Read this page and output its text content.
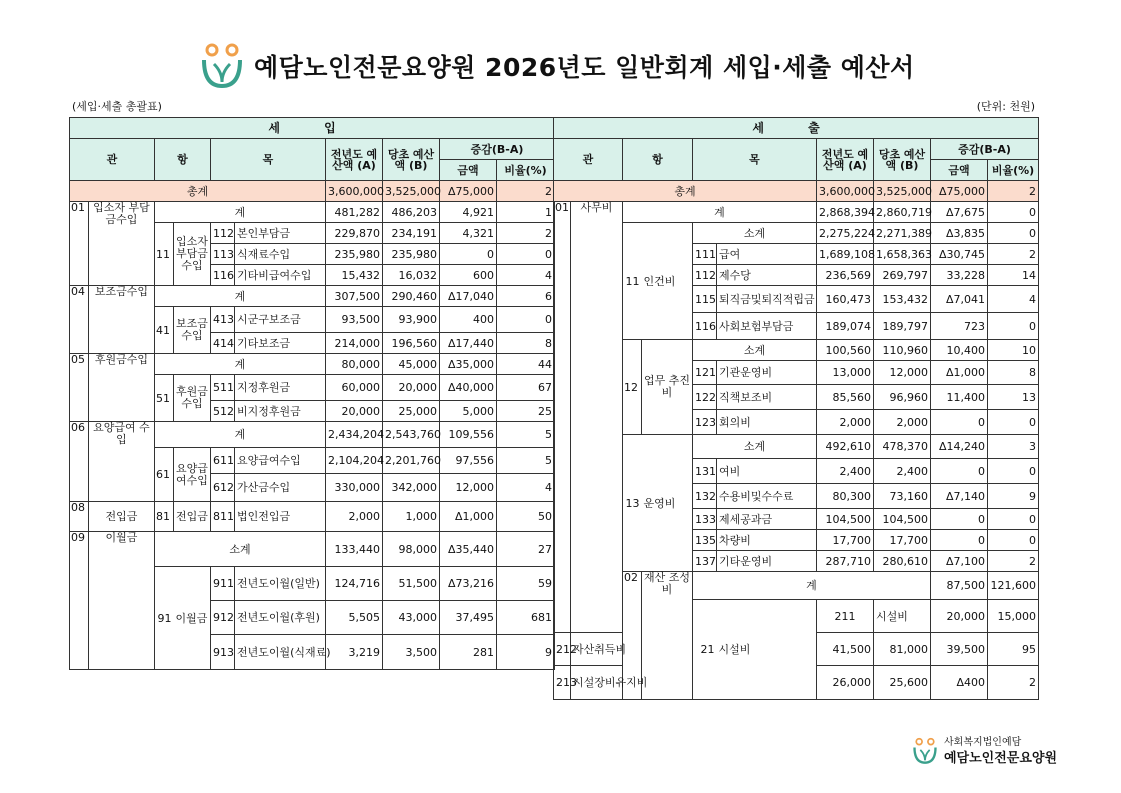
예담노인전문요양원 2026년도 일반회계 세입·세출 예산서
(세입·세출 총괄표)	(단위: 천원)
세 입									
관		항		목		전년도 예산액 (A)	당초 예산액 (B)	증감(B-A)	
								금액	비율(%)
총계						3,600,000	3,525,000	Δ75,000	2
01	입소자 부담금수입	계				481,282	486,203	4,921	1
		11	입소자 부담금 수입	112	본인부담금	229,870	234,191	4,321	2
				113	식재료수입	235,980	235,980	0	0
				116	기타비급여수입	15,432	16,032	600	4
04	보조금수입	계				307,500	290,460	Δ17,040	6
		41	보조금 수입	413	시군구보조금	93,500	93,900	400	0
				414	기타보조금	214,000	196,560	Δ17,440	8
05	후원금수입	계				80,000	45,000	Δ35,000	44
		51	후원금 수입	511	지정후원금	60,000	20,000	Δ40,000	67
				512	비지정후원금	20,000	25,000	5,000	25
06	요양급여 수입	계				2,434,204	2,543,760	109,556	5
		61	요양급 여수입	611	요양급여수입	2,104,204	2,201,760	97,556	5
				612	가산금수입	330,000	342,000	12,000	4
08	전입금	81	전입금	811	법인전입금	2,000	1,000	Δ1,000	50
09	이월금	소계				133,440	98,000	Δ35,440	27
		91	이월금	911	전년도이월(일반)	124,716	51,500	Δ73,216	59
				912	전년도이월(후원)	5,505	43,000	37,495	681
				913	전년도이월(식재료)	3,219	3,500	281	9
세 출										
관		항		목		전년도 예산액 (A)	당초 예산액 (B)	증감(B-A)		
								금액	비율(%)	
총계						3,600,000	3,525,000	Δ75,000	2	
01	사무비	계				2,868,394	2,860,719	Δ7,675	0	
		11	인건비	소계		2,275,224	2,271,389	Δ3,835	0	
				111	급여	1,689,108	1,658,363	Δ30,745	2	
				112	제수당	236,569	269,797	33,228	14	
				115	퇴직금및퇴직적립금	160,473	153,432	Δ7,041	4	
				116	사회보험부담금	189,074	189,797	723	0	
		12	업무 추진비	소계		100,560	110,960	10,400	10	
				121	기관운영비	13,000	12,000	Δ1,000	8	
				122	직책보조비	85,560	96,960	11,400	13	
				123	회의비	2,000	2,000	0	0	
		13	운영비	소계		492,610	478,370	Δ14,240	3	
				131	여비	2,400	2,400	0	0	
				132	수용비및수수료	80,300	73,160	Δ7,140	9	
				133	제세공과금	104,500	104,500	0	0	
				135	차량비	17,700	17,700	0	0	
				137	기타운영비	287,710	280,610	Δ7,100	2	
		02	재산 조성비	계				87,500	121,600		
				21	시설비	211	시설비	20,000	15,000		
212	자산취득비					41,500	81,000	39,500	95	
213	시설장비유지비					26,000	25,600	Δ400	2	
사회복지법인예담
예담노인전문요양원
